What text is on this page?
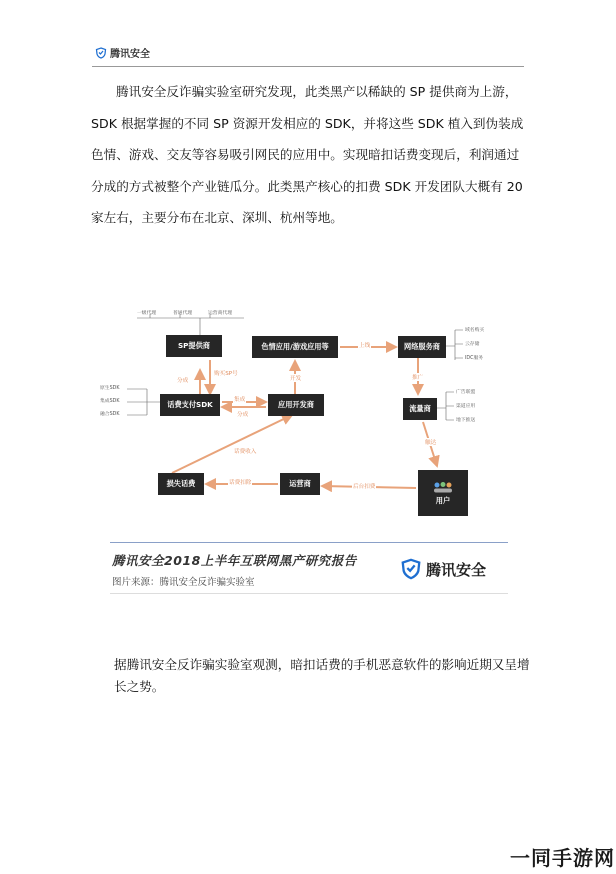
腾讯安全
腾讯安全反诈骗实验室研究发现，此类黑产以稀缺的 SP 提供商为上游，SDK 根据掌握的不同 SP 资源开发相应的 SDK，并将这些 SDK 植入到伪装成色情、游戏、交友等容易吸引网民的应用中。实现暗扣话费变现后，利润通过分成的方式被整个产业链瓜分。此类黑产核心的扣费 SDK 开发团队大概有 20 家左右，主要分布在北京、深圳、杭州等地。
一级代理	普通代理	运营商代理
原生SDK
集成SDK
融合SDK
域名购买
云存储
IDC服务
广告联盟
渠道应用
地下推送
SP提供商	色情应用/游戏应用等	网络服务商
话费支付SDK	应用开发商	流量商
损失话费	运营商
用户
分成
购买SP号
集成
分成
开发
上线
推广
触达
后台扣费
话费扣除
话费收入
腾讯安全2018上半年互联网黑产研究报告
图片来源：腾讯安全反诈骗实验室
腾讯安全
据腾讯安全反诈骗实验室观测，暗扣话费的手机恶意软件的影响近期又呈增长之势。
一同手游网
